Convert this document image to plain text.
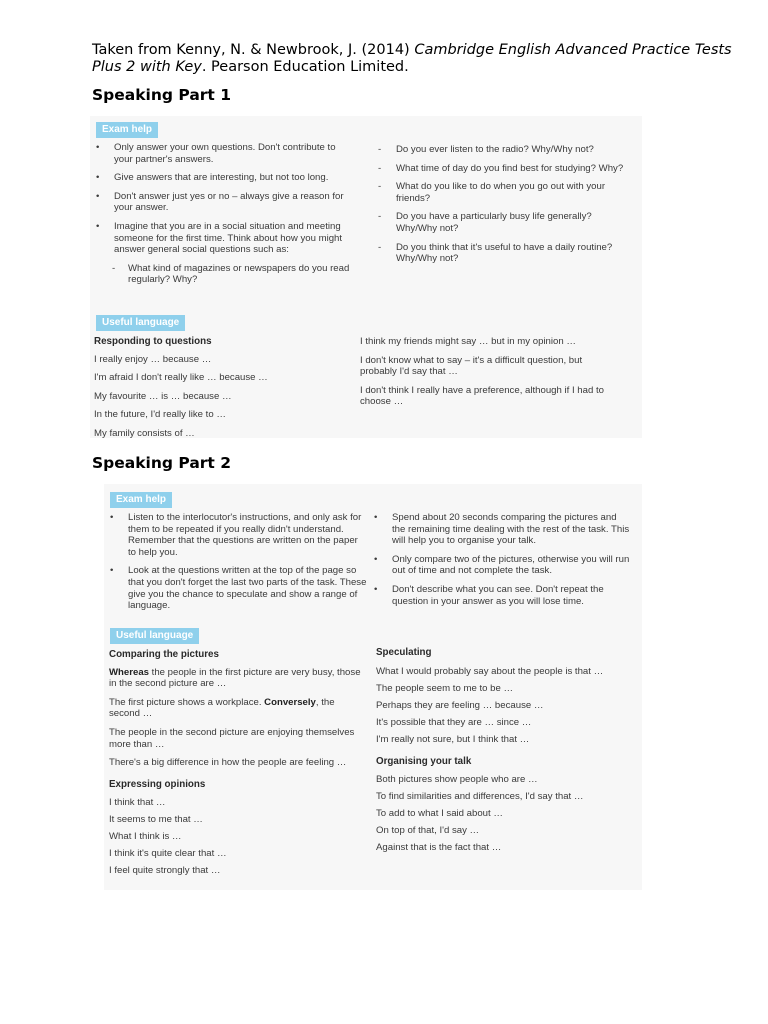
Taken from Kenny, N. & Newbrook, J. (2014) Cambridge English Advanced Practice Tests Plus 2 with Key. Pearson Education Limited.
Speaking Part 1
Exam help
• Only answer your own questions. Don't contribute to your partner's answers.
• Give answers that are interesting, but not too long.
• Don't answer just yes or no – always give a reason for your answer.
• Imagine that you are in a social situation and meeting someone for the first time. Think about how you might answer general social questions such as:
- What kind of magazines or newspapers do you read regularly? Why?
- Do you ever listen to the radio? Why/Why not?
- What time of day do you find best for studying? Why?
- What do you like to do when you go out with your friends?
- Do you have a particularly busy life generally? Why/Why not?
- Do you think that it's useful to have a daily routine? Why/Why not?
Useful language
Responding to questions
I really enjoy … because …
I'm afraid I don't really like … because …
My favourite … is … because …
In the future, I'd really like to …
My family consists of …
I think my friends might say … but in my opinion …
I don't know what to say – it's a difficult question, but probably I'd say that …
I don't think I really have a preference, although if I had to choose …
Speaking Part 2
Exam help
• Listen to the interlocutor's instructions, and only ask for them to be repeated if you really didn't understand. Remember that the questions are written on the paper to help you.
• Look at the questions written at the top of the page so that you don't forget the last two parts of the task. These give you the chance to speculate and show a range of language.
• Spend about 20 seconds comparing the pictures and the remaining time dealing with the rest of the task. This will help you to organise your talk.
• Only compare two of the pictures, otherwise you will run out of time and not complete the task.
• Don't describe what you can see. Don't repeat the question in your answer as you will lose time.
Useful language
Comparing the pictures
Whereas the people in the first picture are very busy, those in the second picture are …
The first picture shows a workplace. Conversely, the second …
The people in the second picture are enjoying themselves more than …
There's a big difference in how the people are feeling …
Expressing opinions
I think that …
It seems to me that …
What I think is …
I think it's quite clear that …
I feel quite strongly that …
Speculating
What I would probably say about the people is that …
The people seem to me to be …
Perhaps they are feeling … because …
It's possible that they are … since …
I'm really not sure, but I think that …
Organising your talk
Both pictures show people who are …
To find similarities and differences, I'd say that …
To add to what I said about …
On top of that, I'd say …
Against that is the fact that …
